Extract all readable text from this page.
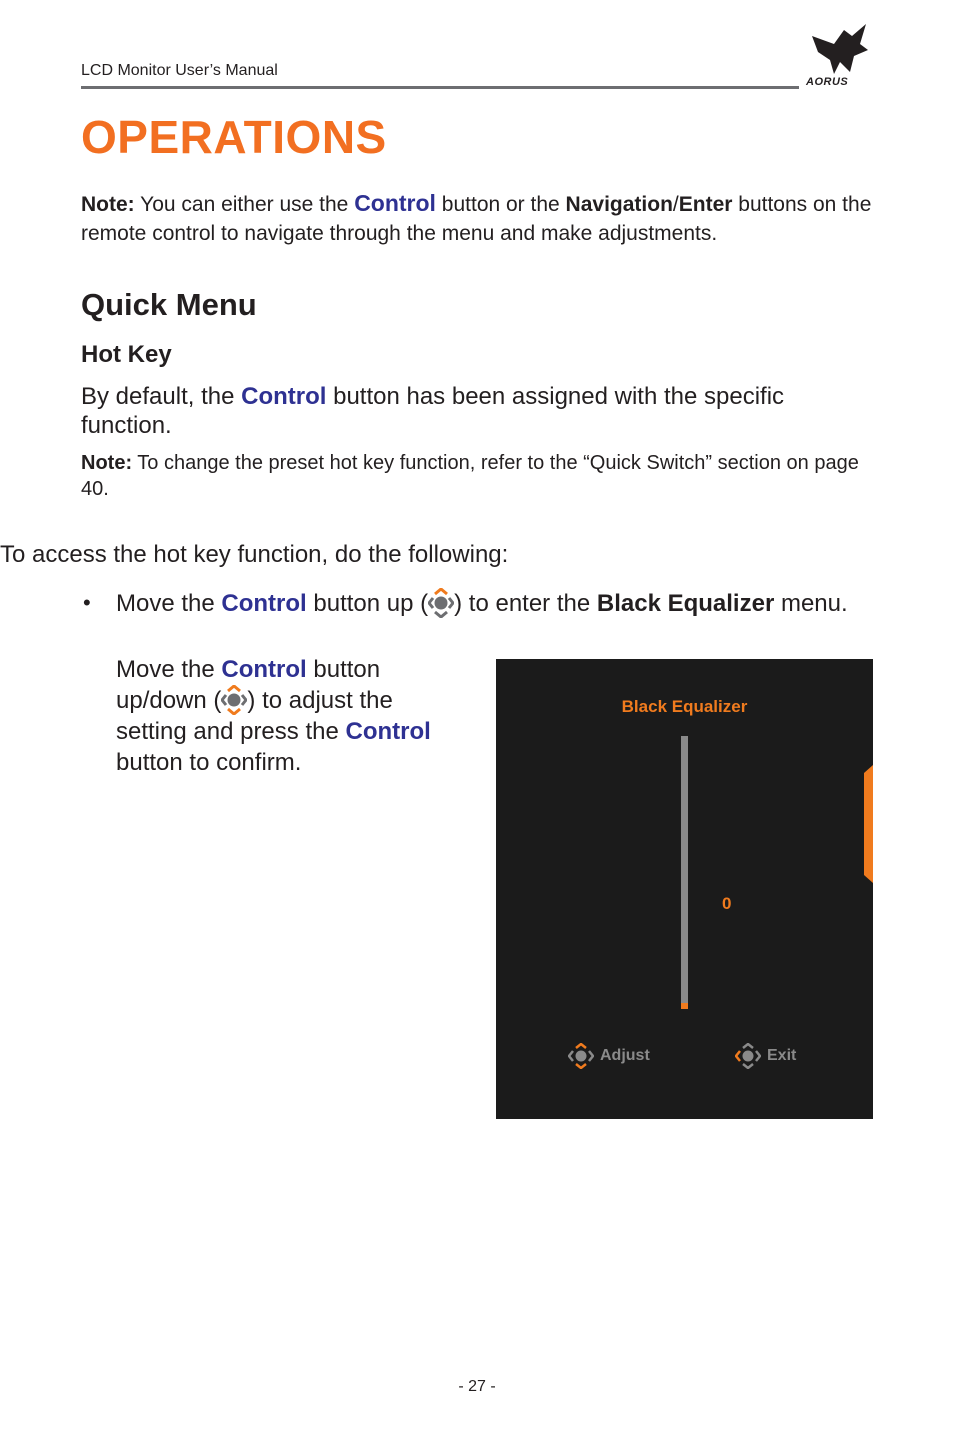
LCD Monitor User’s Manual
AORUS
OPERATIONS
Note: You can either use the Control button or the Navigation/Enter buttons on the remote control to navigate through the menu and make adjustments.
Quick Menu
Hot Key
By default, the Control button has been assigned with the specific function.
Note: To change the preset hot key function, refer to the “Quick Switch” section on page 40.
To access the hot key function, do the following:
• Move the Control button up ( ) to enter the Black Equalizer menu.
Move the Control button up/down ( ) to adjust the setting and press the Control button to confirm.
Black Equalizer
0
Adjust	Exit
- 27 -
